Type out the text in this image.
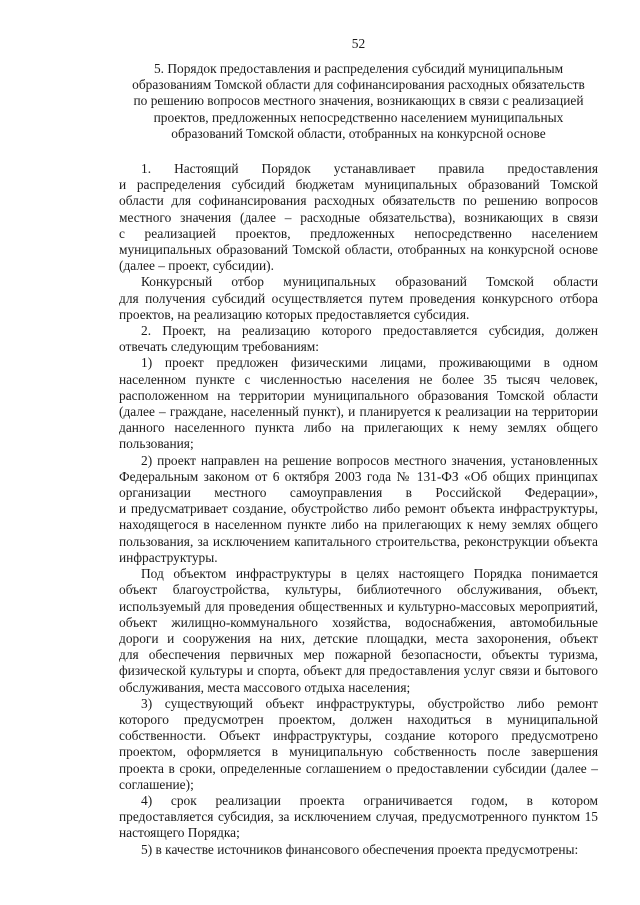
52
5. Порядок предоставления и распределения субсидий муниципальным
образованиям Томской области для софинансирования расходных обязательств
по решению вопросов местного значения, возникающих в связи с реализацией
проектов, предложенных непосредственно населением муниципальных
образований Томской области, отобранных на конкурсной основе
1. Настоящий Порядок устанавливает правила предоставления
и распределения субсидий бюджетам муниципальных образований Томской
области для софинансирования расходных обязательств по решению вопросов
местного значения (далее – расходные обязательства), возникающих в связи
с реализацией проектов, предложенных непосредственно населением
муниципальных образований Томской области, отобранных на конкурсной основе
(далее – проект, субсидии).
Конкурсный отбор муниципальных образований Томской области
для получения субсидий осуществляется путем проведения конкурсного отбора
проектов, на реализацию которых предоставляется субсидия.
2. Проект, на реализацию которого предоставляется субсидия, должен
отвечать следующим требованиям:
1) проект предложен физическими лицами, проживающими в одном
населенном пункте с численностью населения не более 35 тысяч человек,
расположенном на территории муниципального образования Томской области
(далее – граждане, населенный пункт), и планируется к реализации на территории
данного населенного пункта либо на прилегающих к нему землях общего
пользования;
2) проект направлен на решение вопросов местного значения, установленных
Федеральным законом от 6 октября 2003 года № 131-ФЗ «Об общих принципах
организации местного самоуправления в Российской Федерации»,
и предусматривает создание, обустройство либо ремонт объекта инфраструктуры,
находящегося в населенном пункте либо на прилегающих к нему землях общего
пользования, за исключением капитального строительства, реконструкции объекта
инфраструктуры.
Под объектом инфраструктуры в целях настоящего Порядка понимается
объект благоустройства, культуры, библиотечного обслуживания, объект,
используемый для проведения общественных и культурно-массовых мероприятий,
объект жилищно-коммунального хозяйства, водоснабжения, автомобильные
дороги и сооружения на них, детские площадки, места захоронения, объект
для обеспечения первичных мер пожарной безопасности, объекты туризма,
физической культуры и спорта, объект для предоставления услуг связи и бытового
обслуживания, места массового отдыха населения;
3) существующий объект инфраструктуры, обустройство либо ремонт
которого предусмотрен проектом, должен находиться в муниципальной
собственности. Объект инфраструктуры, создание которого предусмотрено
проектом, оформляется в муниципальную собственность после завершения
проекта в сроки, определенные соглашением о предоставлении субсидии (далее –
соглашение);
4) срок реализации проекта ограничивается годом, в котором
предоставляется субсидия, за исключением случая, предусмотренного пунктом 15
настоящего Порядка;
5) в качестве источников финансового обеспечения проекта предусмотрены:
